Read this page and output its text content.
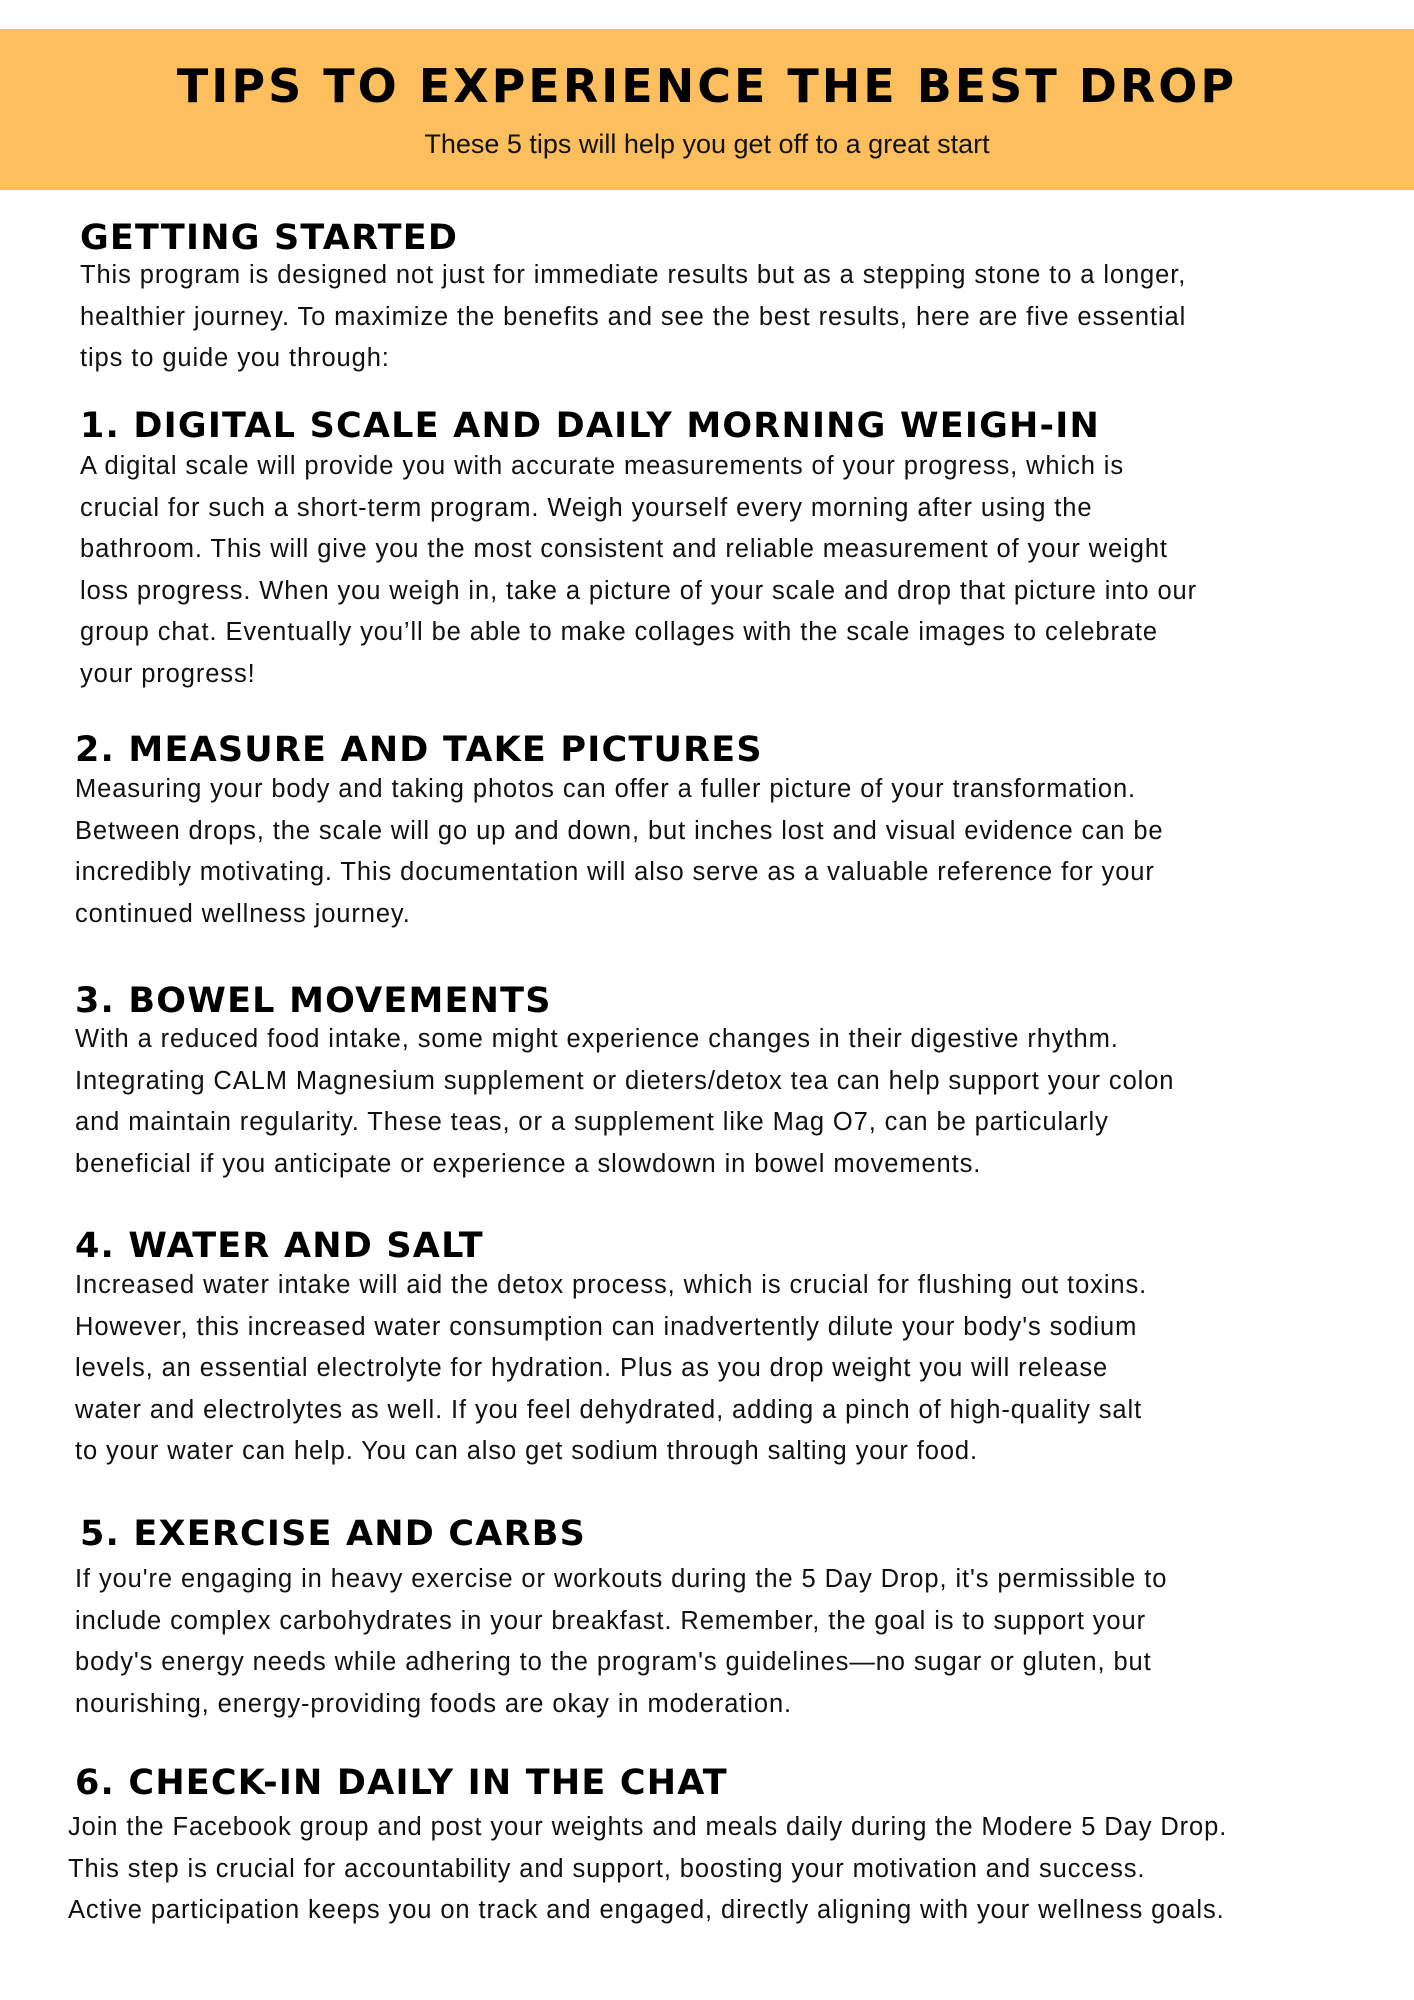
TIPS TO EXPERIENCE THE BEST DROP
These 5 tips will help you get off to a great start
GETTING STARTED
This program is designed not just for immediate results but as a stepping stone to a longer,
healthier journey. To maximize the benefits and see the best results, here are five essential
tips to guide you through:
1. DIGITAL SCALE AND DAILY MORNING WEIGH-IN
A digital scale will provide you with accurate measurements of your progress, which is
crucial for such a short-term program. Weigh yourself every morning after using the
bathroom. This will give you the most consistent and reliable measurement of your weight
loss progress. When you weigh in, take a picture of your scale and drop that picture into our
group chat. Eventually you’ll be able to make collages with the scale images to celebrate
your progress!
2. MEASURE AND TAKE PICTURES
Measuring your body and taking photos can offer a fuller picture of your transformation.
Between drops, the scale will go up and down, but inches lost and visual evidence can be
incredibly motivating. This documentation will also serve as a valuable reference for your
continued wellness journey.
3. BOWEL MOVEMENTS
With a reduced food intake, some might experience changes in their digestive rhythm.
Integrating CALM Magnesium supplement or dieters/detox tea can help support your colon
and maintain regularity. These teas, or a supplement like Mag O7, can be particularly
beneficial if you anticipate or experience a slowdown in bowel movements.
4. WATER AND SALT
Increased water intake will aid the detox process, which is crucial for flushing out toxins.
However, this increased water consumption can inadvertently dilute your body's sodium
levels, an essential electrolyte for hydration. Plus as you drop weight you will release
water and electrolytes as well. If you feel dehydrated, adding a pinch of high-quality salt
to your water can help. You can also get sodium through salting your food.
5. EXERCISE AND CARBS
If you're engaging in heavy exercise or workouts during the 5 Day Drop, it's permissible to
include complex carbohydrates in your breakfast. Remember, the goal is to support your
body's energy needs while adhering to the program's guidelines—no sugar or gluten, but
nourishing, energy-providing foods are okay in moderation.
6. CHECK-IN DAILY IN THE CHAT
Join the Facebook group and post your weights and meals daily during the Modere 5 Day Drop.
This step is crucial for accountability and support, boosting your motivation and success.
Active participation keeps you on track and engaged, directly aligning with your wellness goals.
